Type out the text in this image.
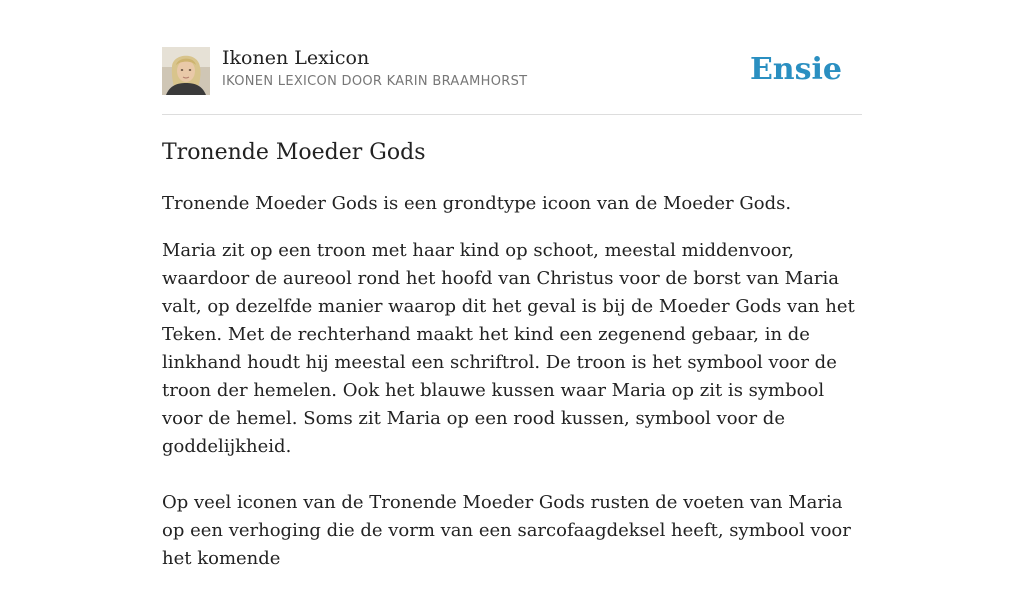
Ikonen Lexicon
IKONEN LEXICON DOOR KARIN BRAAMHORST	Ensie
Tronende Moeder Gods

Tronende Moeder Gods is een grondtype icoon van de Moeder Gods.

Maria zit op een troon met haar kind op schoot, meestal middenvoor, waardoor de aureool rond het hoofd van Christus voor de borst van Maria valt, op dezelfde manier waarop dit het geval is bij de Moeder Gods van het Teken. Met de rechterhand maakt het kind een zegenend gebaar, in de linkhand houdt hij meestal een schriftrol. De troon is het symbool voor de troon der hemelen. Ook het blauwe kussen waar Maria op zit is symbool voor de hemel. Soms zit Maria op een rood kussen, symbool voor de goddelijkheid.

Op veel iconen van de Tronende Moeder Gods rusten de voeten van Maria op een verhoging die de vorm van een sarcofaagdeksel heeft, symbool voor het komende
